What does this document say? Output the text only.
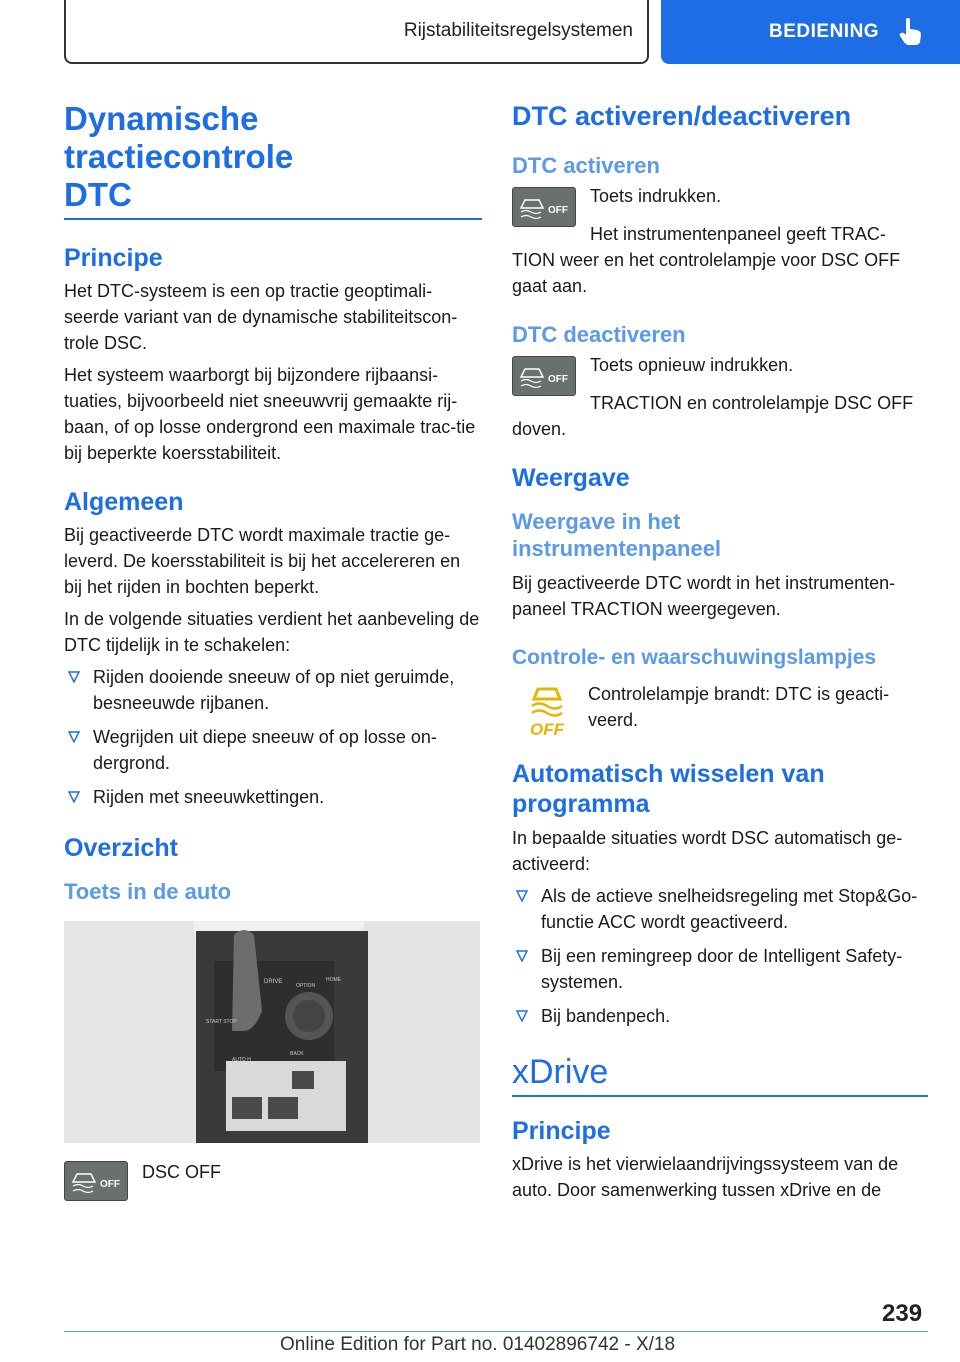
Rijstabiliteitsregelsystemen	BEDIENING
Dynamische tractiecontrole
DTC
Principe

Het DTC-systeem is een op tractie geoptimali-seerde variant van de dynamische stabiliteitscon-trole DSC.

Het systeem waarborgt bij bijzondere rijbaansi-tuaties, bijvoorbeeld niet sneeuwvrij gemaakte rij-baan, of op losse ondergrond een maximale trac-tie bij beperkte koersstabiliteit.

Algemeen

Bij geactiveerde DTC wordt maximale tractie ge-leverd. De koersstabiliteit is bij het accelereren en bij het rijden in bochten beperkt.

In de volgende situaties verdient het aanbeveling de DTC tijdelijk in te schakelen:

Rijden dooiende sneeuw of op niet geruimde, besneeuwde rijbanen.
Wegrijden uit diepe sneeuw of op losse on-dergrond.
Rijden met sneeuwkettingen.
Overzicht
Toets in de auto
DRIVE
START STOP
AUTO H
OPTION
HOME
BACK
OFF

DSC OFF

DTC activeren/deactiveren
DTC activeren
OFF

Toets indrukken.

Het instrumentenpaneel geeft TRAC-TION weer en het controlelampje voor DSC OFF gaat aan.

DTC deactiveren
OFF

Toets opnieuw indrukken.

TRACTION en controlelampje DSC OFF doven.

Weergave
Weergave in het instrumentenpaneel

Bij geactiveerde DTC wordt in het instrumenten-paneel TRACTION weergegeven.

Controle- en waarschuwingslampjes
OFF

Controlelampje brandt: DTC is geacti-veerd.

Automatisch wisselen van
programma

In bepaalde situaties wordt DSC automatisch ge-activeerd:

Als de actieve snelheidsregeling met Stop&Go-functie ACC wordt geactiveerd.
Bij een remingreep door de Intelligent Safety-systemen.
Bij bandenpech.
xDrive
Principe

xDrive is het vierwielaandrijvingssysteem van de auto. Door samenwerking tussen xDrive en de

239
Online Edition for Part no. 01402896742 - X/18
